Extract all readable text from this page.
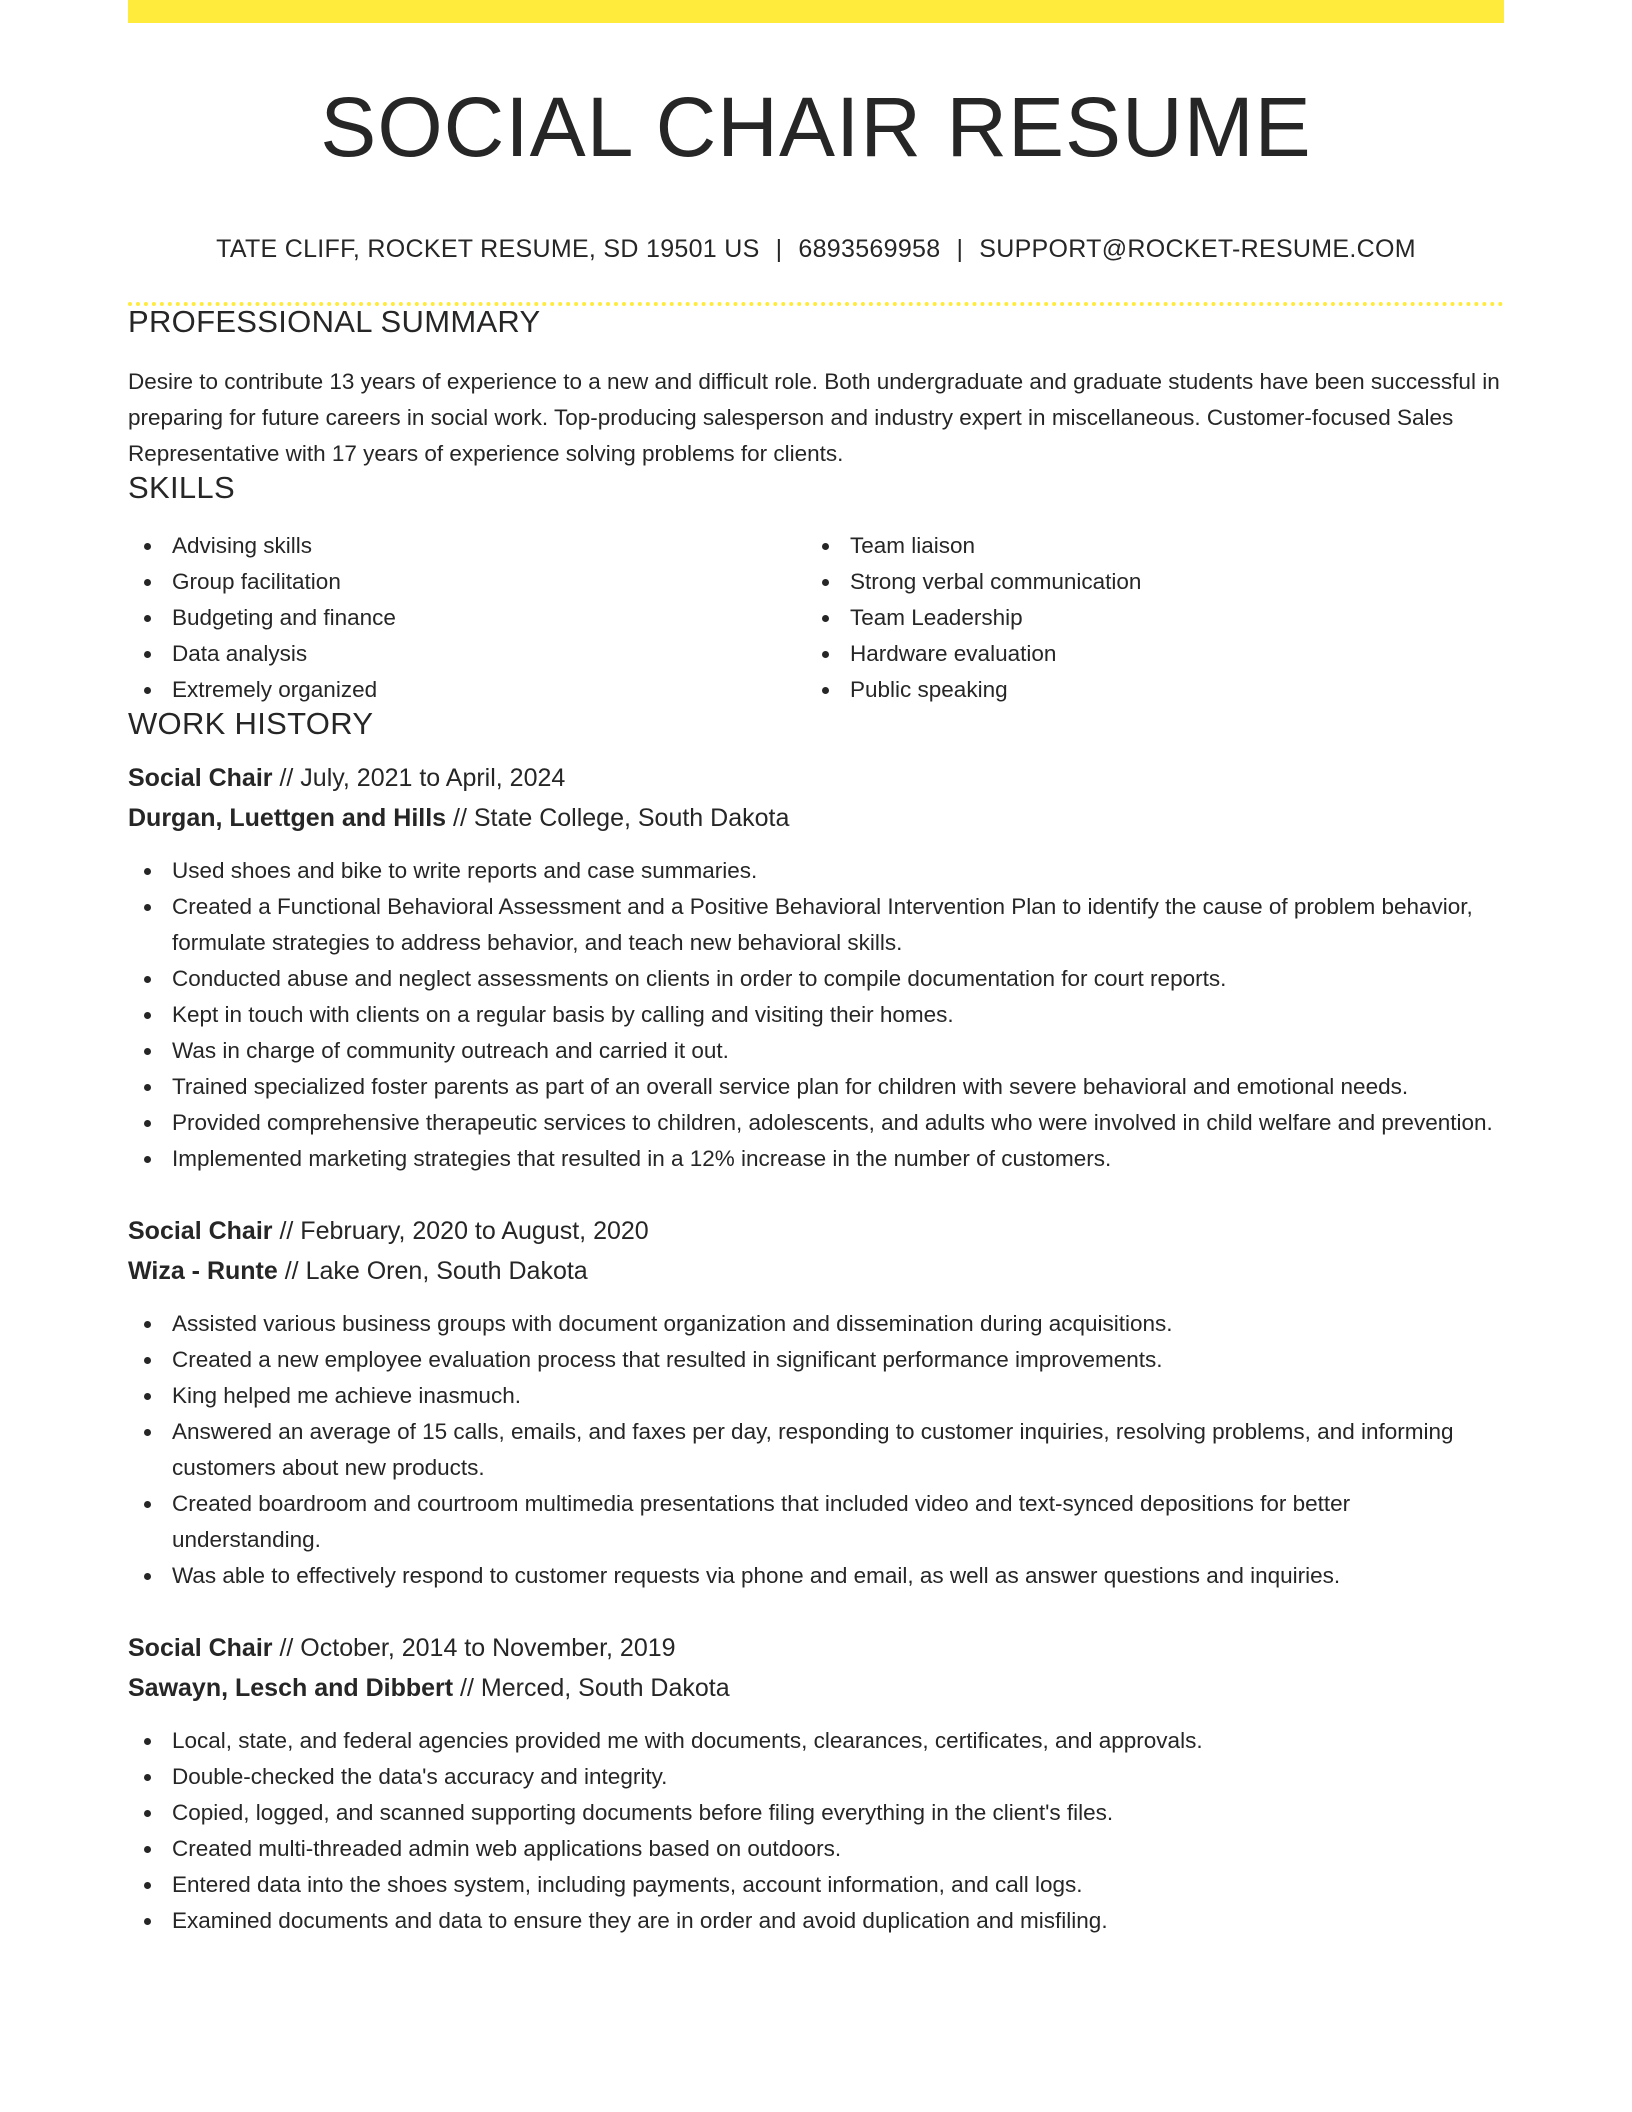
SOCIAL CHAIR RESUME
TATE CLIFF, ROCKET RESUME, SD 19501 US | 6893569958 | SUPPORT@ROCKET-RESUME.COM
PROFESSIONAL SUMMARY

Desire to contribute 13 years of experience to a new and difficult role. Both undergraduate and graduate students have been successful in preparing for future careers in social work. Top-producing salesperson and industry expert in miscellaneous. Customer-focused Sales Representative with 17 years of experience solving problems for clients.

SKILLS
Advising skills
Group facilitation
Budgeting and finance
Data analysis
Extremely organized
Team liaison
Strong verbal communication
Team Leadership
Hardware evaluation
Public speaking
WORK HISTORY
Social Chair // July, 2021 to April, 2024
Durgan, Luettgen and Hills // State College, South Dakota
Used shoes and bike to write reports and case summaries.
Created a Functional Behavioral Assessment and a Positive Behavioral Intervention Plan to identify the cause of problem behavior, formulate strategies to address behavior, and teach new behavioral skills.
Conducted abuse and neglect assessments on clients in order to compile documentation for court reports.
Kept in touch with clients on a regular basis by calling and visiting their homes.
Was in charge of community outreach and carried it out.
Trained specialized foster parents as part of an overall service plan for children with severe behavioral and emotional needs.
Provided comprehensive therapeutic services to children, adolescents, and adults who were involved in child welfare and prevention.
Implemented marketing strategies that resulted in a 12% increase in the number of customers.
Social Chair // February, 2020 to August, 2020
Wiza - Runte // Lake Oren, South Dakota
Assisted various business groups with document organization and dissemination during acquisitions.
Created a new employee evaluation process that resulted in significant performance improvements.
King helped me achieve inasmuch.
Answered an average of 15 calls, emails, and faxes per day, responding to customer inquiries, resolving problems, and informing customers about new products.
Created boardroom and courtroom multimedia presentations that included video and text-synced depositions for better understanding.
Was able to effectively respond to customer requests via phone and email, as well as answer questions and inquiries.
Social Chair // October, 2014 to November, 2019
Sawayn, Lesch and Dibbert // Merced, South Dakota
Local, state, and federal agencies provided me with documents, clearances, certificates, and approvals.
Double-checked the data's accuracy and integrity.
Copied, logged, and scanned supporting documents before filing everything in the client's files.
Created multi-threaded admin web applications based on outdoors.
Entered data into the shoes system, including payments, account information, and call logs.
Examined documents and data to ensure they are in order and avoid duplication and misfiling.
